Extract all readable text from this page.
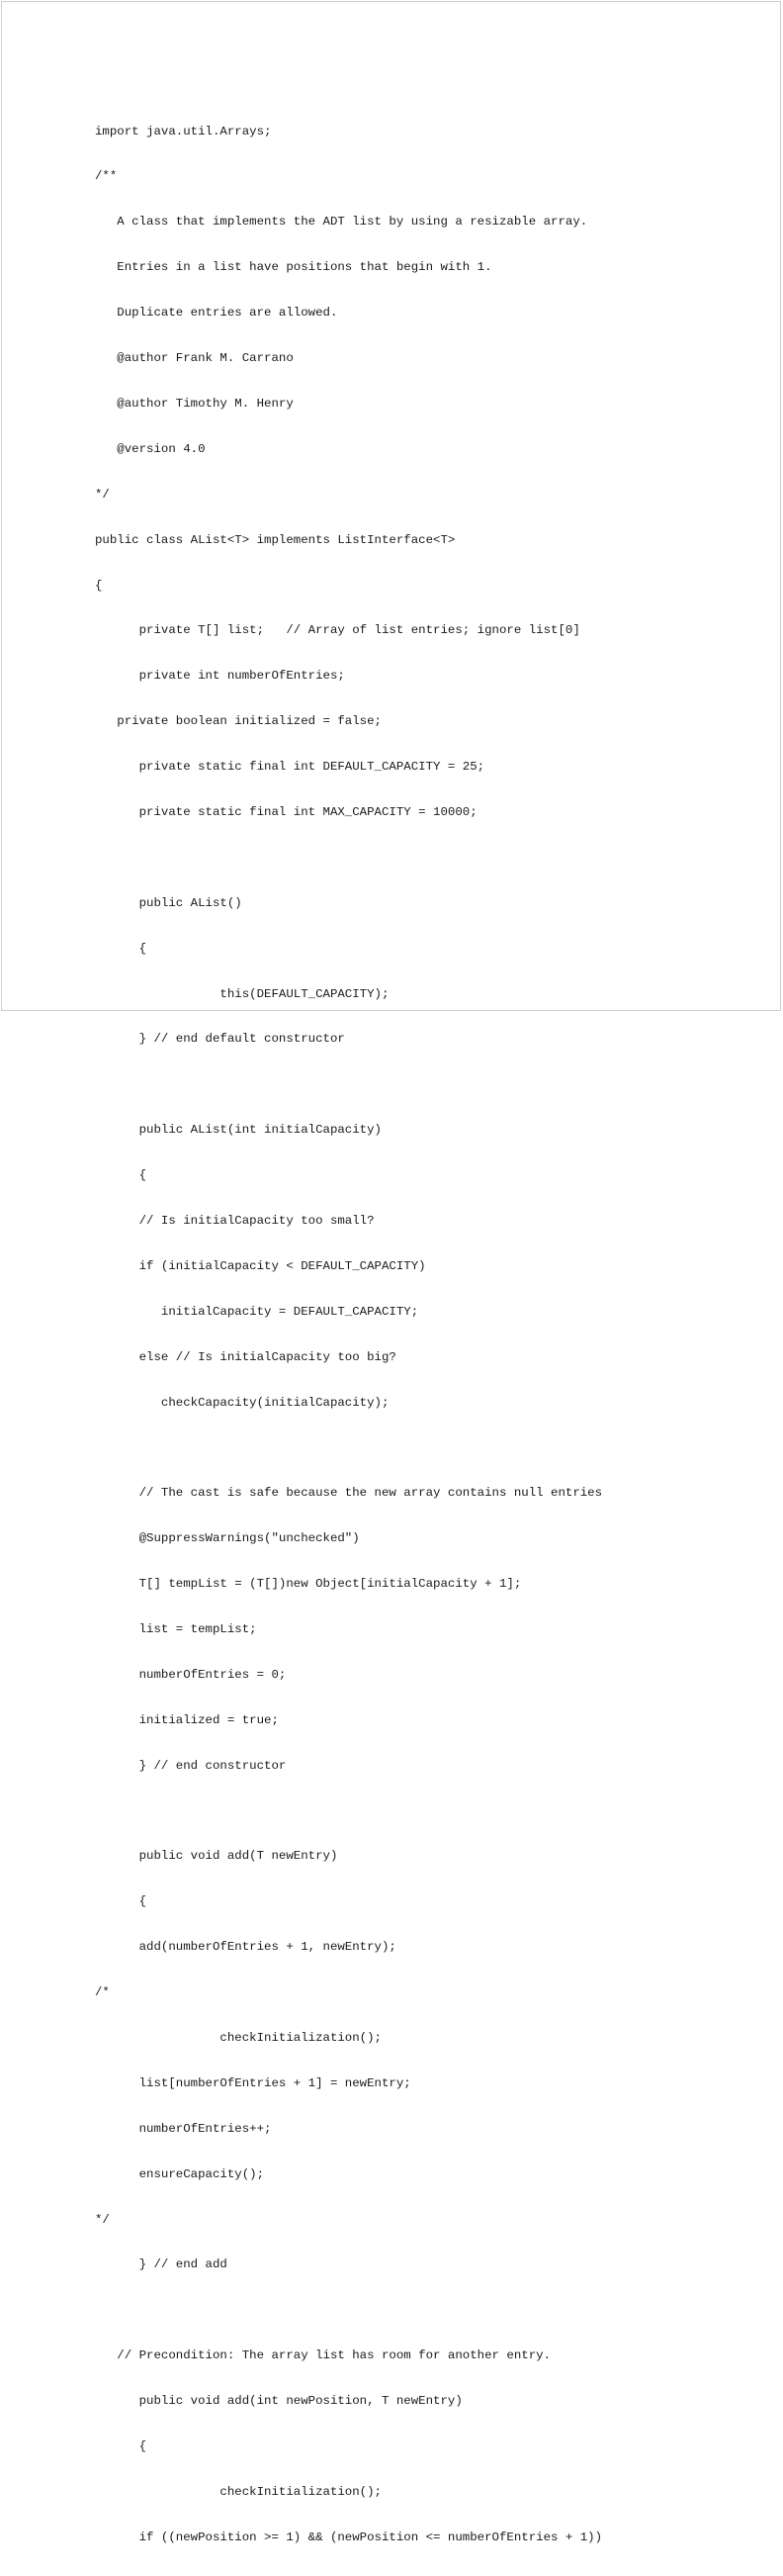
import java.util.Arrays;

/**

A class that implements the ADT list by using a resizable array.

Entries in a list have positions that begin with 1.

Duplicate entries are allowed.

@author Frank M. Carrano

@author Timothy M. Henry

@version 4.0

*/

public class AList<T> implements ListInterface<T>

{

private T[] list;   // Array of list entries; ignore list[0]

private int numberOfEntries;

private boolean initialized = false;

private static final int DEFAULT_CAPACITY = 25;

private static final int MAX_CAPACITY = 10000;

public AList()

{

this(DEFAULT_CAPACITY);

} // end default constructor

public AList(int initialCapacity)

{

// Is initialCapacity too small?

if (initialCapacity < DEFAULT_CAPACITY)

initialCapacity = DEFAULT_CAPACITY;

else // Is initialCapacity too big?

checkCapacity(initialCapacity);

// The cast is safe because the new array contains null entries

@SuppressWarnings("unchecked")

T[] tempList = (T[])new Object[initialCapacity + 1];

list = tempList;

numberOfEntries = 0;

initialized = true;

} // end constructor

public void add(T newEntry)

{

add(numberOfEntries + 1, newEntry);

/*

checkInitialization();

list[numberOfEntries + 1] = newEntry;

numberOfEntries++;

ensureCapacity();

*/

} // end add

// Precondition: The array list has room for another entry.

public void add(int newPosition, T newEntry)

{

checkInitialization();

if ((newPosition >= 1) && (newPosition <= numberOfEntries + 1))
